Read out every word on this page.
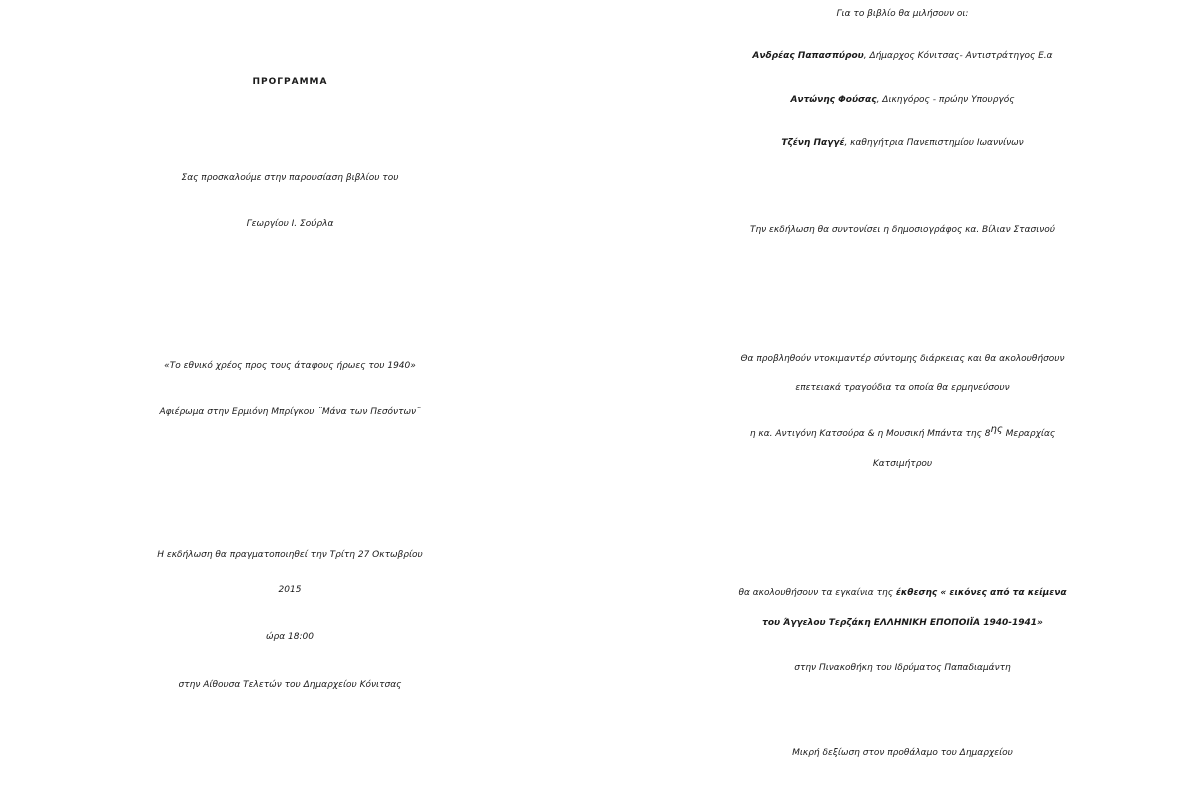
ΠΡΟΓΡΑΜΜΑ
Σας προσκαλούμε στην παρουσίαση βιβλίου του
Γεωργίου Ι. Σούρλα
«Το εθνικό χρέος προς τους άταφους ήρωες του 1940»
Αφιέρωμα στην Ερμιόνη Μπρίγκου ¨Μάνα των Πεσόντων¨
Η εκδήλωση θα πραγματοποιηθεί την Τρίτη 27 Οκτωβρίου
2015
ώρα 18:00
στην Αίθουσα Τελετών του Δημαρχείου Κόνιτσας
Για το βιβλίο θα μιλήσουν οι:
Ανδρέας Παπασπύρου, Δήμαρχος Κόνιτσας- Αντιστράτηγος Ε.α
Αντώνης Φούσας, Δικηγόρος - πρώην Υπουργός
Τζένη Παγγέ, καθηγήτρια Πανεπιστημίου Ιωαννίνων
Την εκδήλωση θα συντονίσει η δημοσιογράφος κα. Βίλιαν Στασινού
Θα προβληθούν ντοκιμαντέρ σύντομης διάρκειας και θα ακολουθήσουν
επετειακά τραγούδια τα οποία θα ερμηνεύσουν
η κα. Αντιγόνη Κατσούρα & η Μουσική Μπάντα της $8^{\eta\varsigma}$ Μεραρχίας
Κατσιμήτρου
θα ακολουθήσουν τα εγκαίνια της έκθεσης « εικόνες από τα κείμενα
του Άγγελου Τερζάκη ΕΛΛΗΝΙΚΗ ΕΠΟΠΟΙΪΑ 1940-1941»
στην Πινακοθήκη του Ιδρύματος Παπαδιαμάντη
Μικρή δεξίωση στον προθάλαμο του Δημαρχείου
